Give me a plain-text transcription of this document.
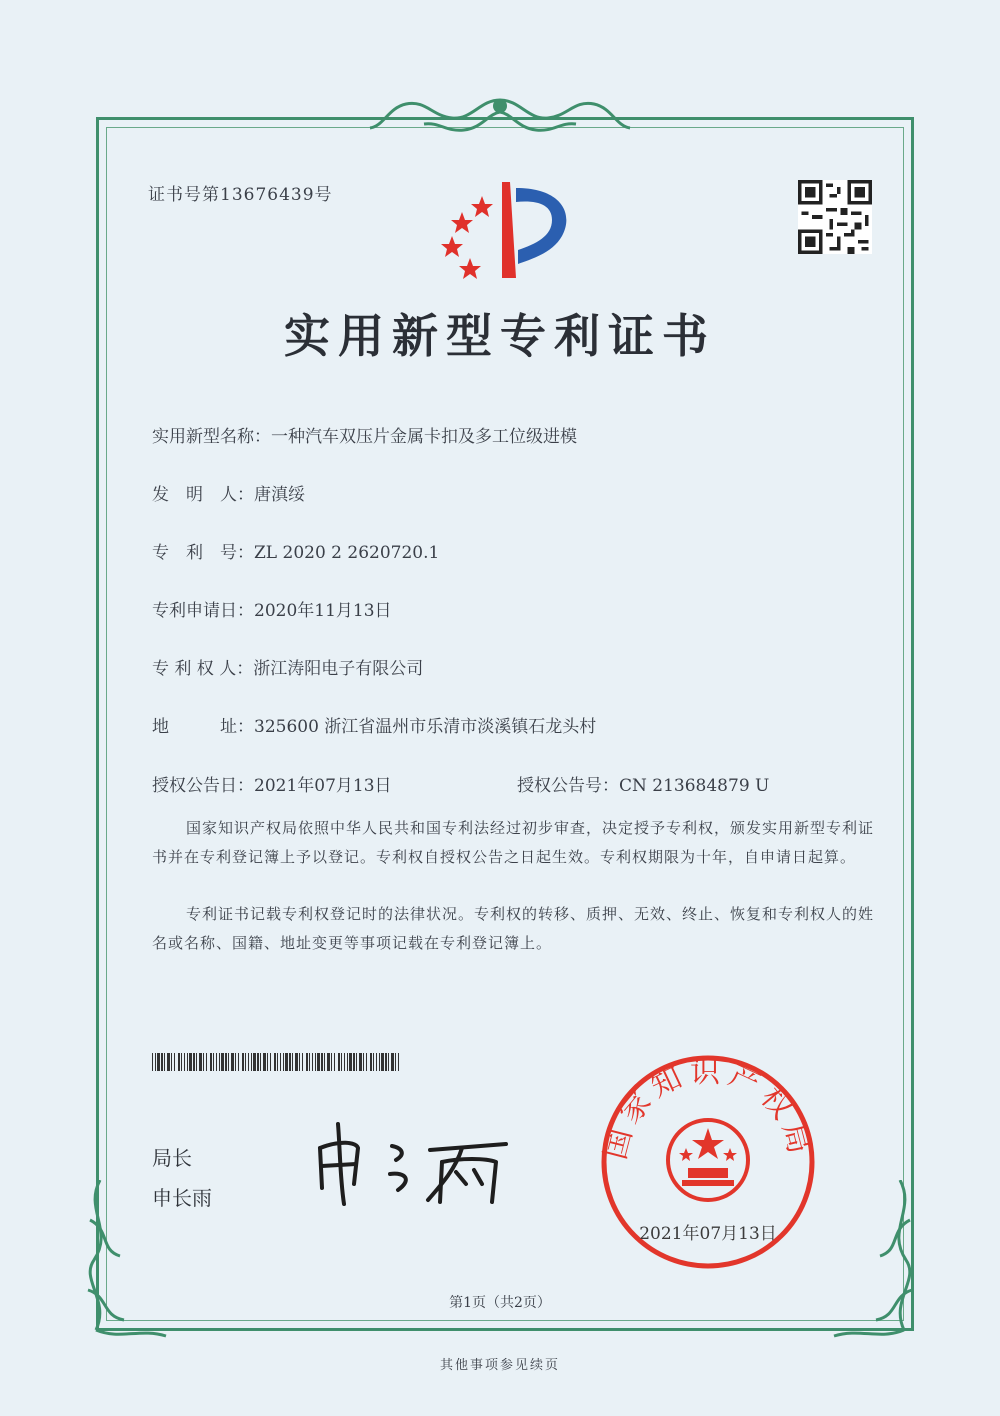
证书号第13676439号
实用新型专利证书
实用新型名称：一种汽车双压片金属卡扣及多工位级进模
发　明　人：唐滇绥
专　利　号：ZL 2020 2 2620720.1
专利申请日：2020年11月13日
专 利 权 人：浙江涛阳电子有限公司
地　　　址：325600 浙江省温州市乐清市淡溪镇石龙头村
授权公告日：2021年07月13日	授权公告号：CN 213684879 U
国家知识产权局依照中华人民共和国专利法经过初步审查，决定授予专利权，颁发实用新型专利证书并在专利登记簿上予以登记。专利权自授权公告之日起生效。专利权期限为十年，自申请日起算。
专利证书记载专利权登记时的法律状况。专利权的转移、质押、无效、终止、恢复和专利权人的姓名或名称、国籍、地址变更等事项记载在专利登记簿上。
局长
申长雨
国家知识产权局
2021年07月13日
第1页（共2页）
其他事项参见续页
